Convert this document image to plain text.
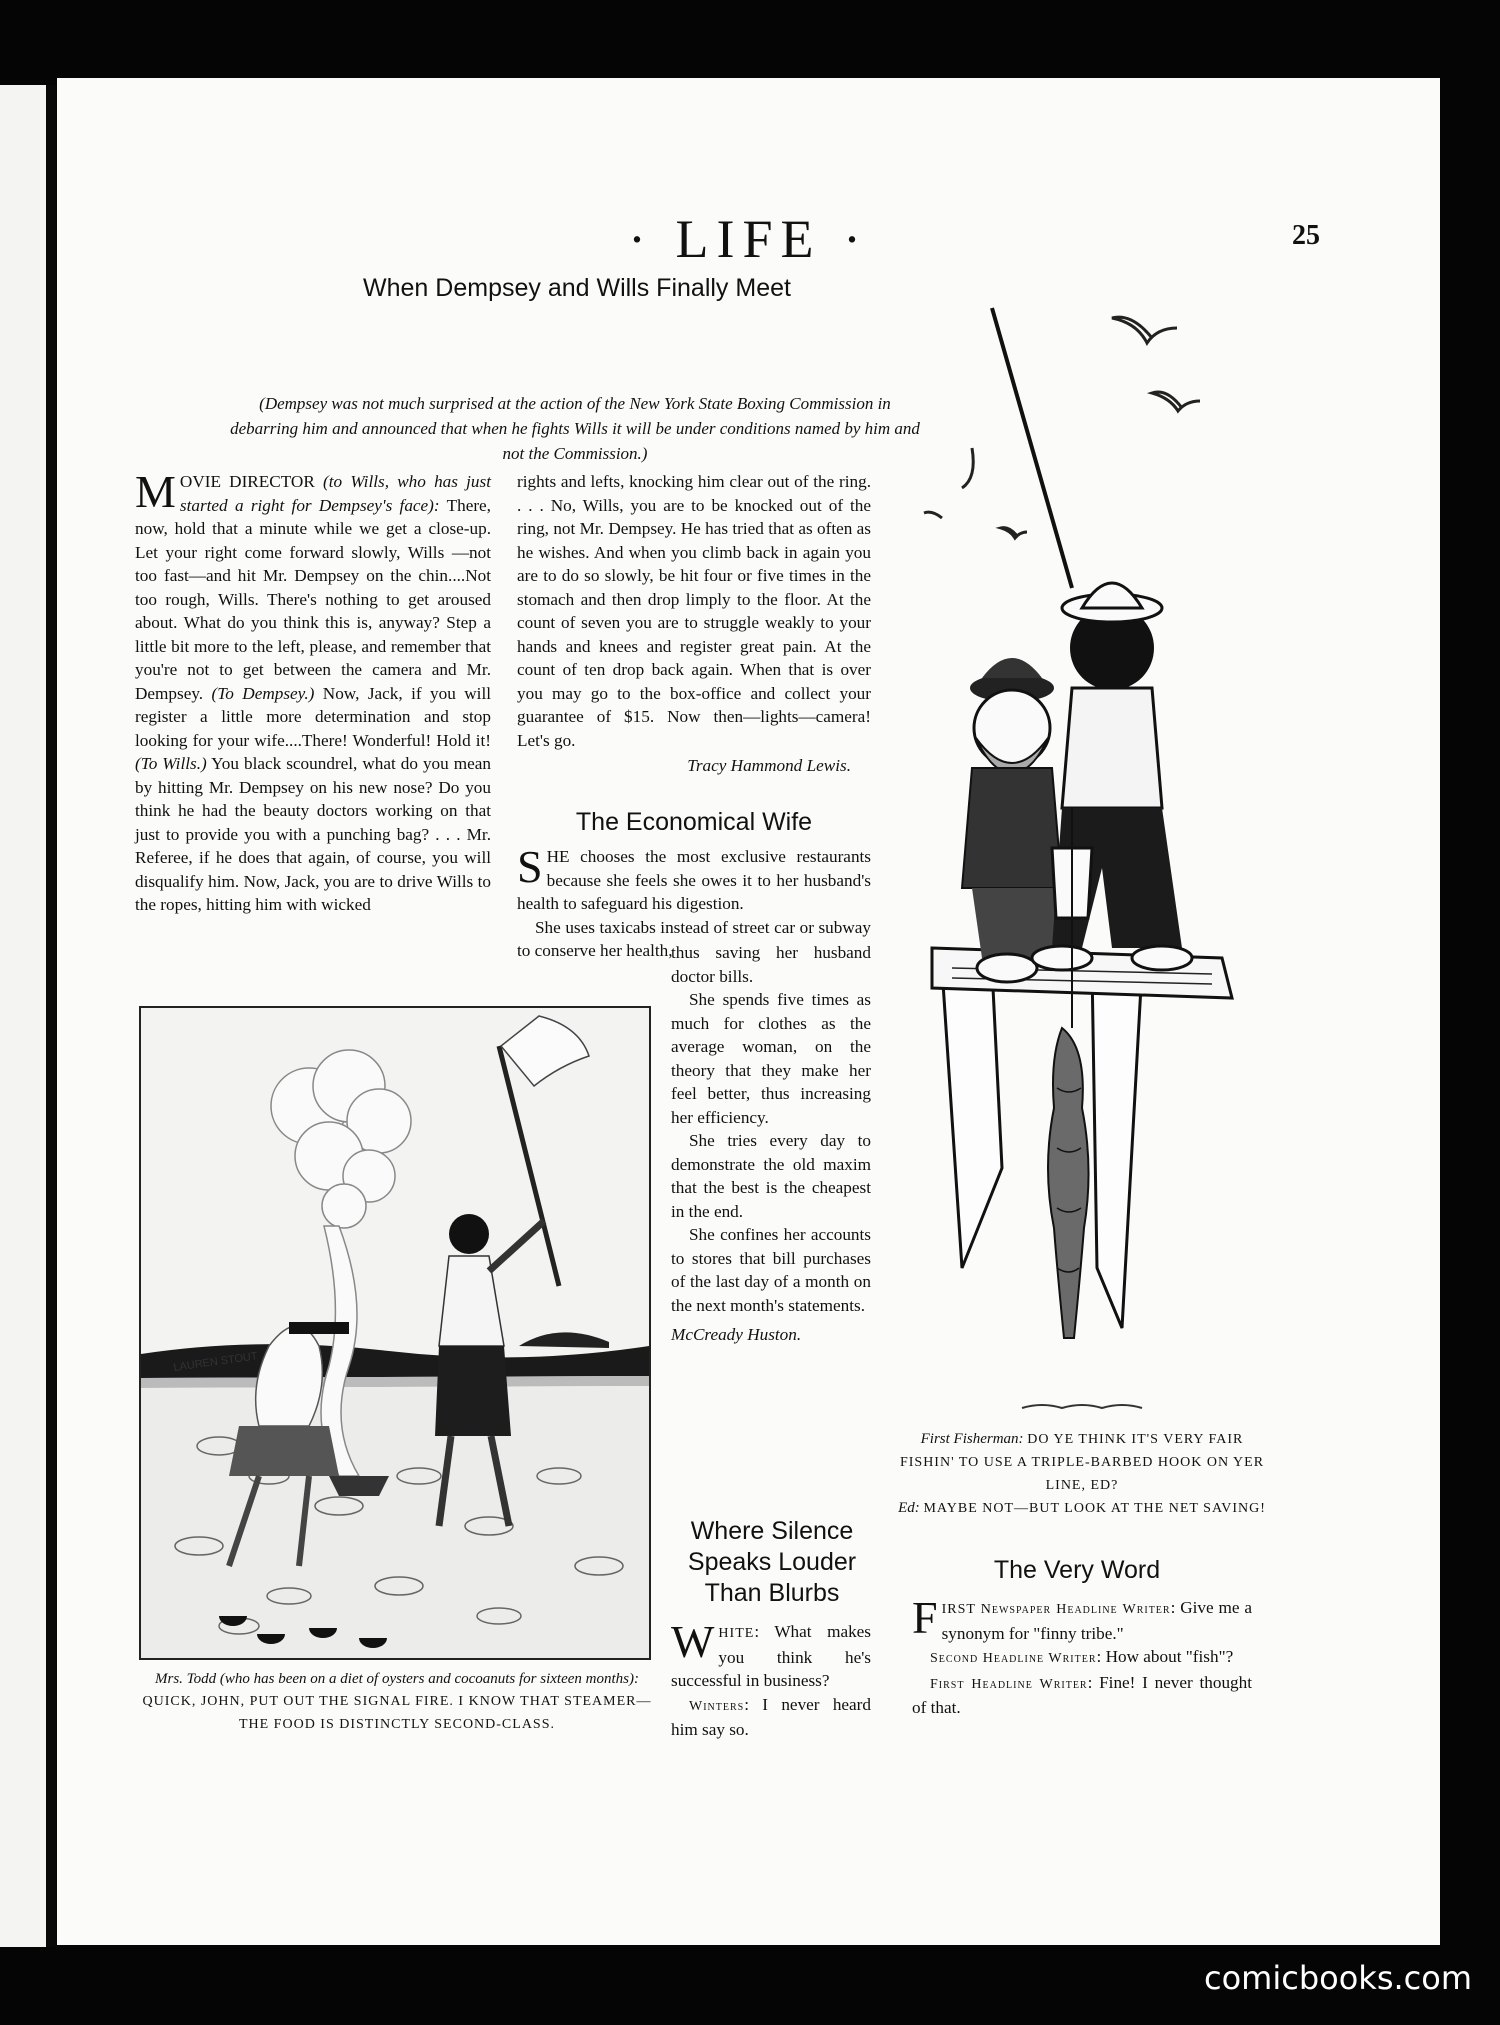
· LIFE ·	25
When Dempsey and Wills Finally Meet
(Dempsey was not much surprised at the action of the New York State Boxing Commission in debarring him and announced that when he fights Wills it will be under conditions named by him and not the Commission.)

M OVIE DIRECTOR (to Wills, who has just started a right for Dempsey's face): There, now, hold that a minute while we get a close-up. Let your right come forward slowly, Wills —not too fast—and hit Mr. Dempsey on the chin....Not too rough, Wills. There's nothing to get aroused about. What do you think this is, anyway? Step a little bit more to the left, please, and remember that you're not to get between the camera and Mr. Dempsey. (To Dempsey.) Now, Jack, if you will register a little more determination and stop looking for your wife....There! Wonderful! Hold it! (To Wills.) You black scoundrel, what do you mean by hitting Mr. Dempsey on his new nose? Do you think he had the beauty doctors working on that just to provide you with a punching bag? . . . Mr. Referee, if he does that again, of course, you will disqualify him. Now, Jack, you are to drive Wills to the ropes, hitting him with wicked

rights and lefts, knocking him clear out of the ring. . . . No, Wills, you are to be knocked out of the ring, not Mr. Dempsey. He has tried that as often as he wishes. And when you climb back in again you are to do so slowly, be hit four or five times in the stomach and then drop limply to the floor. At the count of seven you are to struggle weakly to your hands and knees and register great pain. At the count of ten drop back again. When that is over you may go to the box-office and collect your guarantee of $15. Now then—lights—camera! Let's go.

Tracy Hammond Lewis.

The Economical Wife

S HE chooses the most exclusive restaurants because she feels she owes it to her husband's health to safeguard his digestion.

She uses taxicabs instead of street car or subway to conserve her health,

thus saving her husband doctor bills.

She spends five times as much for clothes as the average woman, on the theory that they make her feel better, thus increasing her efficiency.

She tries every day to demonstrate the old maxim that the best is the cheapest in the end.

She confines her accounts to stores that bill purchases of the last day of a month on the next month's statements.

McCready Huston.

Where Silence
Speaks Louder
Than Blurbs

W HITE: What makes you think he's successful in business?

Winters: I never heard him say so.

The Very Word

F IRST Newspaper Headline Writer: Give me a synonym for "finny tribe."

Second Headline Writer: How about "fish"?

First Headline Writer: Fine! I never thought of that.

LAUREN STOUT
Mrs. Todd (who has been on a diet of oysters and cocoanuts for sixteen months): QUICK, JOHN, PUT OUT THE SIGNAL FIRE. I KNOW THAT STEAMER—THE FOOD IS DISTINCTLY SECOND-CLASS.
First Fisherman: DO YE THINK IT'S VERY FAIR FISHIN' TO USE A TRIPLE-BARBED HOOK ON YER LINE, ED?
Ed: MAYBE NOT—BUT LOOK AT THE NET SAVING!
comicbooks.com
